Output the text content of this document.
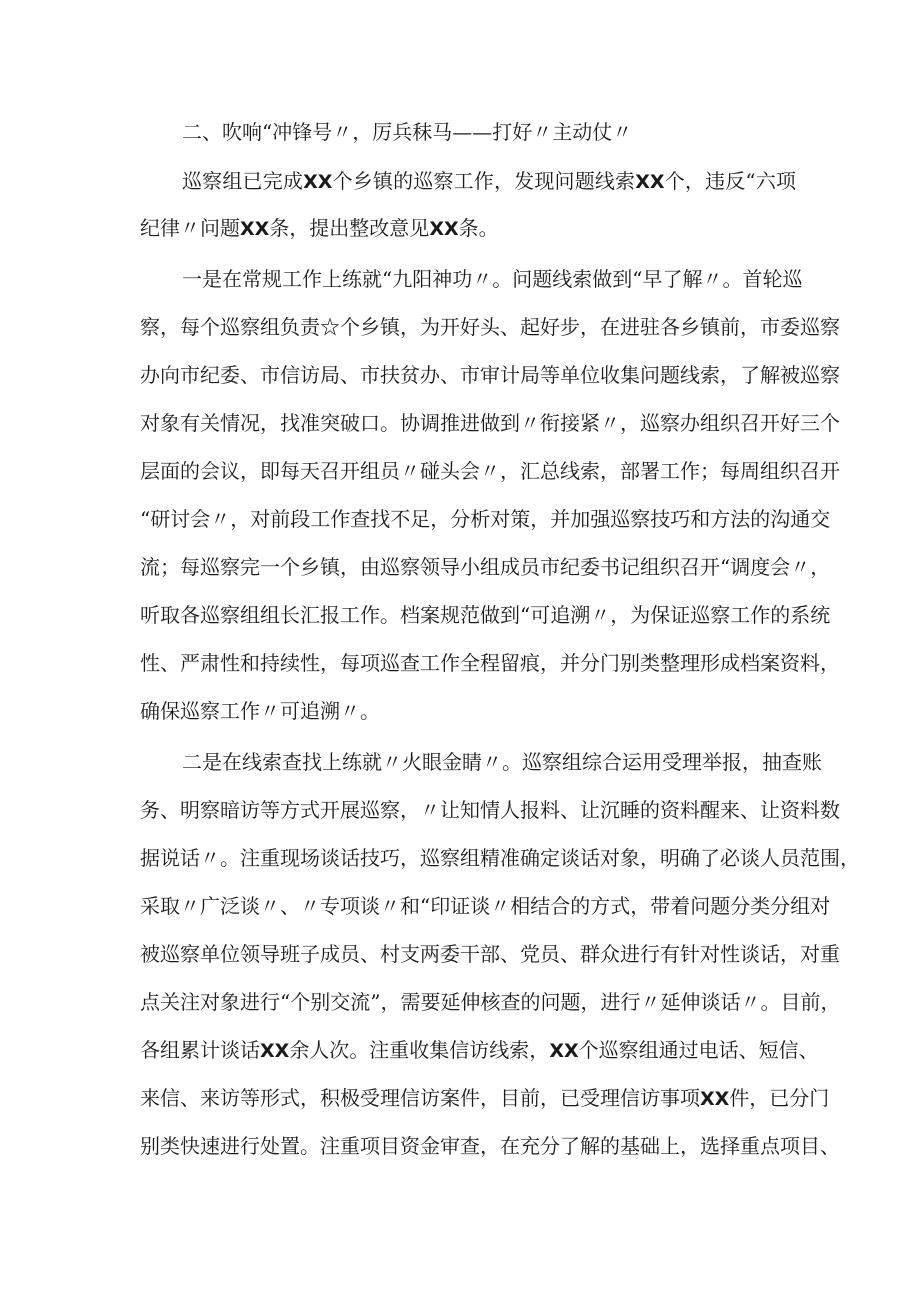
二、吹响“冲锋号〃，厉兵秣马——打好〃主动仗〃

巡察组已完成XX个乡镇的巡察工作，发现问题线索XX个，违反“六项

纪律〃问题XX条，提出整改意见XX条。

一是在常规工作上练就“九阳神功〃。问题线索做到“早了解〃。首轮巡

察，每个巡察组负责☆个乡镇，为开好头、起好步，在进驻各乡镇前，市委巡察

办向市纪委、市信访局、市扶贫办、市审计局等单位收集问题线索，了解被巡察

对象有关情况，找准突破口。协调推进做到〃衔接紧〃，巡察办组织召开好三个

层面的会议，即每天召开组员〃碰头会〃，汇总线索，部署工作；每周组织召开

“研讨会〃，对前段工作查找不足，分析对策，并加强巡察技巧和方法的沟通交

流；每巡察完一个乡镇，由巡察领导小组成员市纪委书记组织召开“调度会〃，

听取各巡察组组长汇报工作。档案规范做到“可追溯〃，为保证巡察工作的系统

性、严肃性和持续性，每项巡查工作全程留痕，并分门别类整理形成档案资料，

确保巡察工作〃可追溯〃。

二是在线索查找上练就〃火眼金睛〃。巡察组综合运用受理举报，抽查账

务、明察暗访等方式开展巡察，〃让知情人报料、让沉睡的资料醒来、让资料数

据说话〃。注重现场谈话技巧，巡察组精准确定谈话对象，明确了必谈人员范围，

采取〃广泛谈〃、〃专项谈〃和“印证谈〃相结合的方式，带着问题分类分组对

被巡察单位领导班子成员、村支两委干部、党员、群众进行有针对性谈话，对重

点关注对象进行“个别交流”，需要延伸核查的问题，进行〃延伸谈话〃。目前，

各组累计谈话XX余人次。注重收集信访线索，XX个巡察组通过电话、短信、

来信、来访等形式，积极受理信访案件，目前，已受理信访事项XX件，已分门

别类快速进行处置。注重项目资金审查，在充分了解的基础上，选择重点项目、
